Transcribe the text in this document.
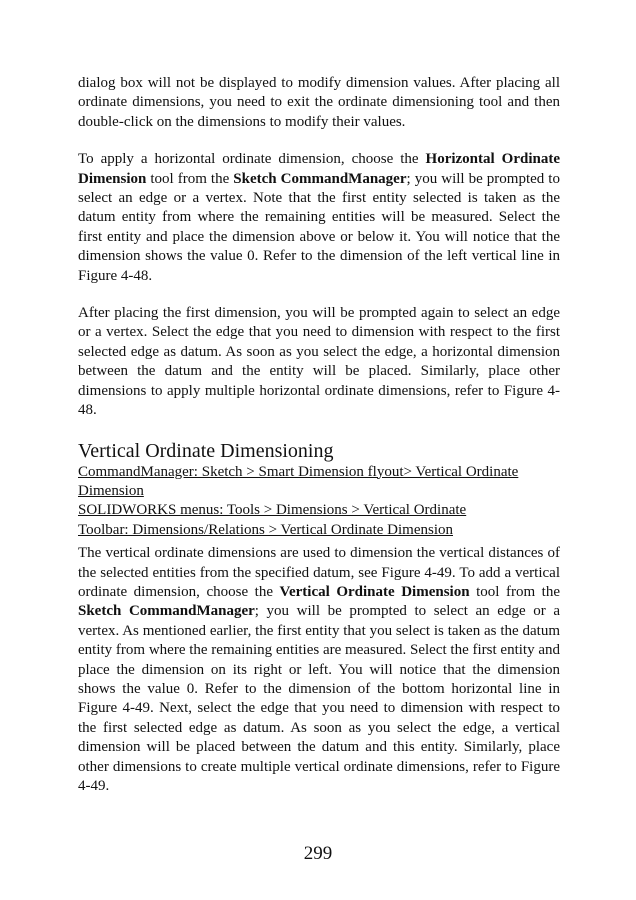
dialog box will not be displayed to modify dimension values. After placing all ordinate dimensions, you need to exit the ordinate dimensioning tool and then double-click on the dimensions to modify their values.

To apply a horizontal ordinate dimension, choose the Horizontal Ordinate Dimension tool from the Sketch CommandManager; you will be prompted to select an edge or a vertex. Note that the first entity selected is taken as the datum entity from where the remaining entities will be measured. Select the first entity and place the dimension above or below it. You will notice that the dimension shows the value 0. Refer to the dimension of the left vertical line in Figure 4-48.

After placing the first dimension, you will be prompted again to select an edge or a vertex. Select the edge that you need to dimension with respect to the first selected edge as datum. As soon as you select the edge, a horizontal dimension between the datum and the entity will be placed. Similarly, place other dimensions to apply multiple horizontal ordinate dimensions, refer to Figure 4-48.

Vertical Ordinate Dimensioning

CommandManager: Sketch > Smart Dimension flyout> Vertical Ordinate Dimension

SOLIDWORKS menus: Tools > Dimensions > Vertical Ordinate

Toolbar: Dimensions/Relations > Vertical Ordinate Dimension

The vertical ordinate dimensions are used to dimension the vertical distances of the selected entities from the specified datum, see Figure 4-49. To add a vertical ordinate dimension, choose the Vertical Ordinate Dimension tool from the Sketch CommandManager; you will be prompted to select an edge or a vertex. As mentioned earlier, the first entity that you select is taken as the datum entity from where the remaining entities are measured. Select the first entity and place the dimension on its right or left. You will notice that the dimension shows the value 0. Refer to the dimension of the bottom horizontal line in Figure 4-49. Next, select the edge that you need to dimension with respect to the first selected edge as datum. As soon as you select the edge, a vertical dimension will be placed between the datum and this entity. Similarly, place other dimensions to create multiple vertical ordinate dimensions, refer to Figure 4-49.

299
